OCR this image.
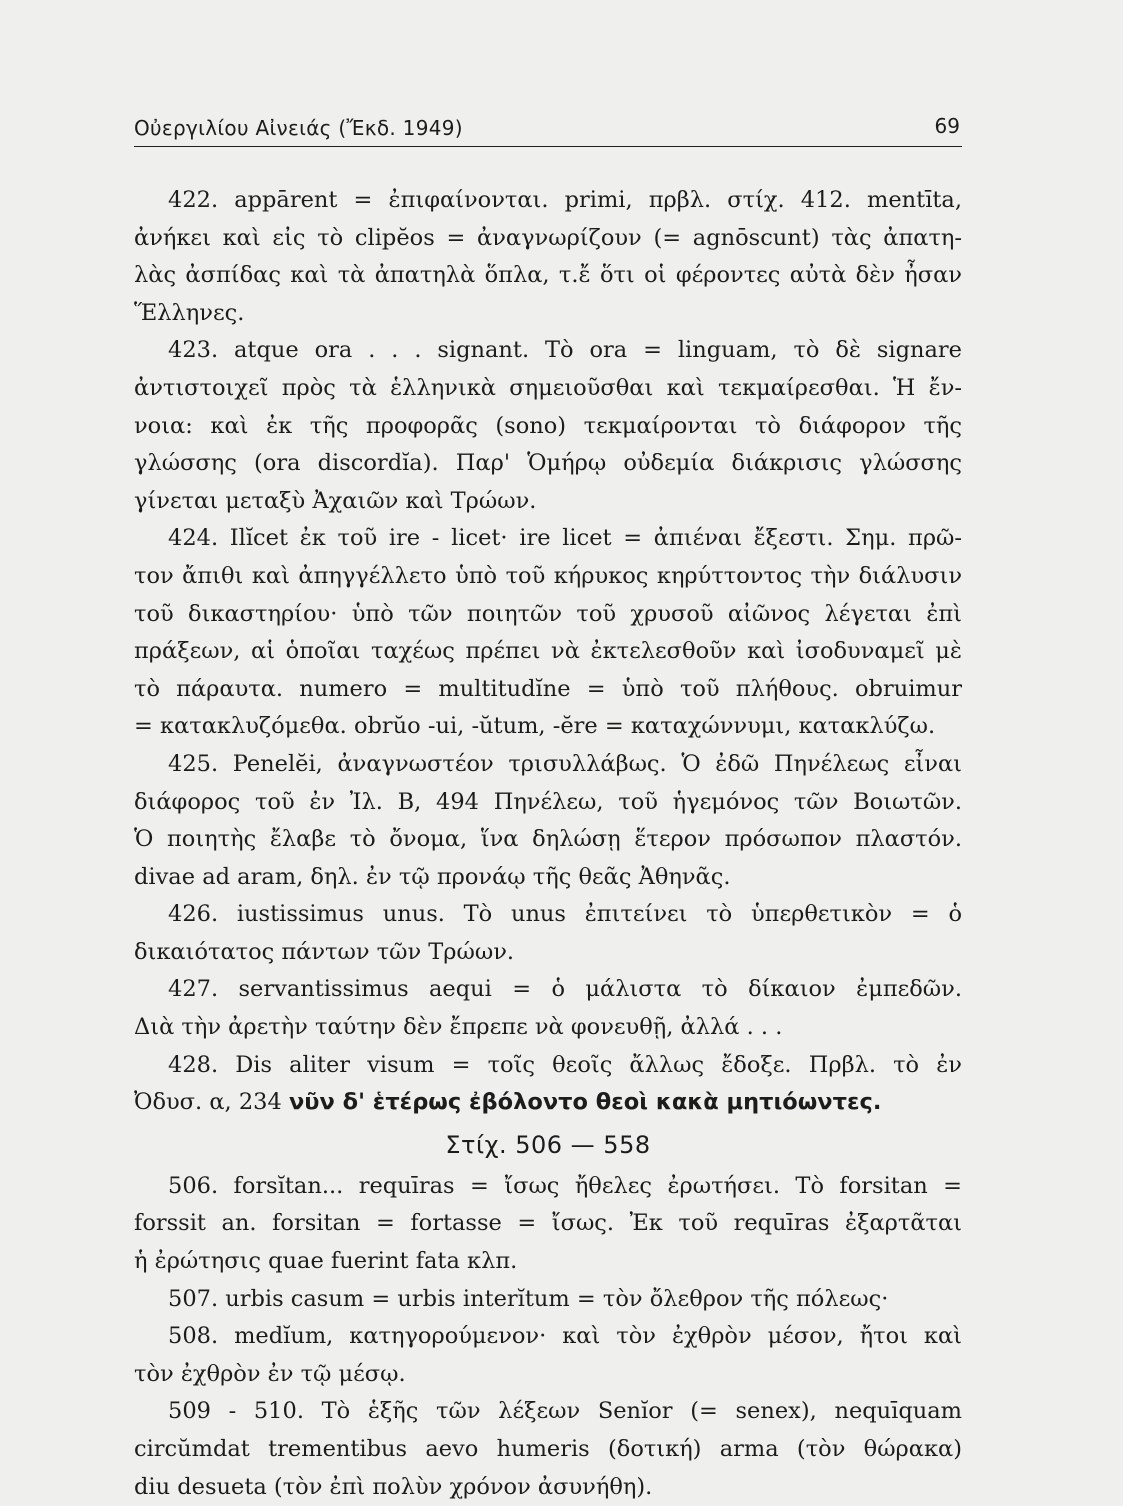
Οὐεργιλίου Αἰνειάς (Ἔκδ. 1949)	69
422. appārent = ἐπιφαίνονται. primi, πρβλ. στίχ. 412. mentīta,
ἀνήκει καὶ εἰς τὸ clipĕos = ἀναγνωρίζουν (= agnōscunt) τὰς ἀπατη-
λὰς ἀσπίδας καὶ τὰ ἀπατηλὰ ὅπλα, τ.ἔ ὅτι οἱ φέροντες αὐτὰ δὲν ἦσαν
Ἕλληνες.
423. atque ora . . . signant. Τὸ ora = linguam, τὸ δὲ signare
ἀντιστοιχεῖ πρὸς τὰ ἑλληνικὰ σημειοῦσθαι καὶ τεκμαίρεσθαι. Ἡ ἔν-
νοια: καὶ ἐκ τῆς προφορᾶς (sono) τεκμαίρονται τὸ διάφορον τῆς
γλώσσης (ora discordĭa). Παρ' Ὁμήρῳ οὐδεμία διάκρισις γλώσσης
γίνεται μεταξὺ Ἀχαιῶν καὶ Τρώων.
424. Ilĭcet ἐκ τοῦ ire - licet· ire licet = ἀπιέναι ἔξεστι. Σημ. πρῶ-
τον ἄπιθι καὶ ἀπηγγέλλετο ὑπὸ τοῦ κήρυκος κηρύττοντος τὴν διάλυσιν
τοῦ δικαστηρίου· ὑπὸ τῶν ποιητῶν τοῦ χρυσοῦ αἰῶνος λέγεται ἐπὶ
πράξεων, αἱ ὁποῖαι ταχέως πρέπει νὰ ἐκτελεσθοῦν καὶ ἰσοδυναμεῖ μὲ
τὸ πάραυτα. numero = multitudĭne = ὑπὸ τοῦ πλήθους. obruimur
= κατακλυζόμεθα. obrŭo -ui, -ŭtum, -ĕre = καταχώννυμι, κατακλύζω.
425. Penelĕi, ἀναγνωστέον τρισυλλάβως. Ὁ ἐδῶ Πηνέλεως εἶναι
διάφορος τοῦ ἐν Ἰλ. Β, 494 Πηνέλεω, τοῦ ἡγεμόνος τῶν Βοιωτῶν.
Ὁ ποιητὴς ἔλαβε τὸ ὄνομα, ἵνα δηλώσῃ ἕτερον πρόσωπον πλαστόν.
divae ad aram, δηλ. ἐν τῷ προνάῳ τῆς θεᾶς Ἀθηνᾶς.
426. iustissimus unus. Τὸ unus ἐπιτείνει τὸ ὑπερθετικὸν = ὁ
δικαιότατος πάντων τῶν Τρώων.
427. servantissimus aequi = ὁ μάλιστα τὸ δίκαιον ἐμπεδῶν.
Διὰ τὴν ἀρετὴν ταύτην δὲν ἔπρεπε νὰ φονευθῇ, ἀλλά . . .
428. Dis aliter visum = τοῖς θεοῖς ἄλλως ἔδοξε. Πρβλ. τὸ ἐν
Ὀδυσ. α, 234 νῦν δ' ἑτέρως ἐβόλοντο θεοὶ κακὰ μητιόωντες.
Στίχ. 506 — 558
506. forsĭtan... requīras = ἴσως ἤθελες ἐρωτήσει. Τὸ forsitan =
forssit an. forsitan = fortasse = ἴσως. Ἐκ τοῦ requīras ἐξαρτᾶται
ἡ ἐρώτησις quae fuerint fata κλπ.
507. urbis casum = urbis interĭtum = τὸν ὄλεθρον τῆς πόλεως·
508. medĭum, κατηγορούμενον· καὶ τὸν ἐχθρὸν μέσον, ἤτοι καὶ
τὸν ἐχθρὸν ἐν τῷ μέσῳ.
509 - 510. Τὸ ἑξῆς τῶν λέξεων Senĭor (= senex), nequīquam
circŭmdat trementibus aevo humeris (δοτική) arma (τὸν θώρακα)
diu desueta (τὸν ἐπὶ πολὺν χρόνον ἀσυνήθη).
